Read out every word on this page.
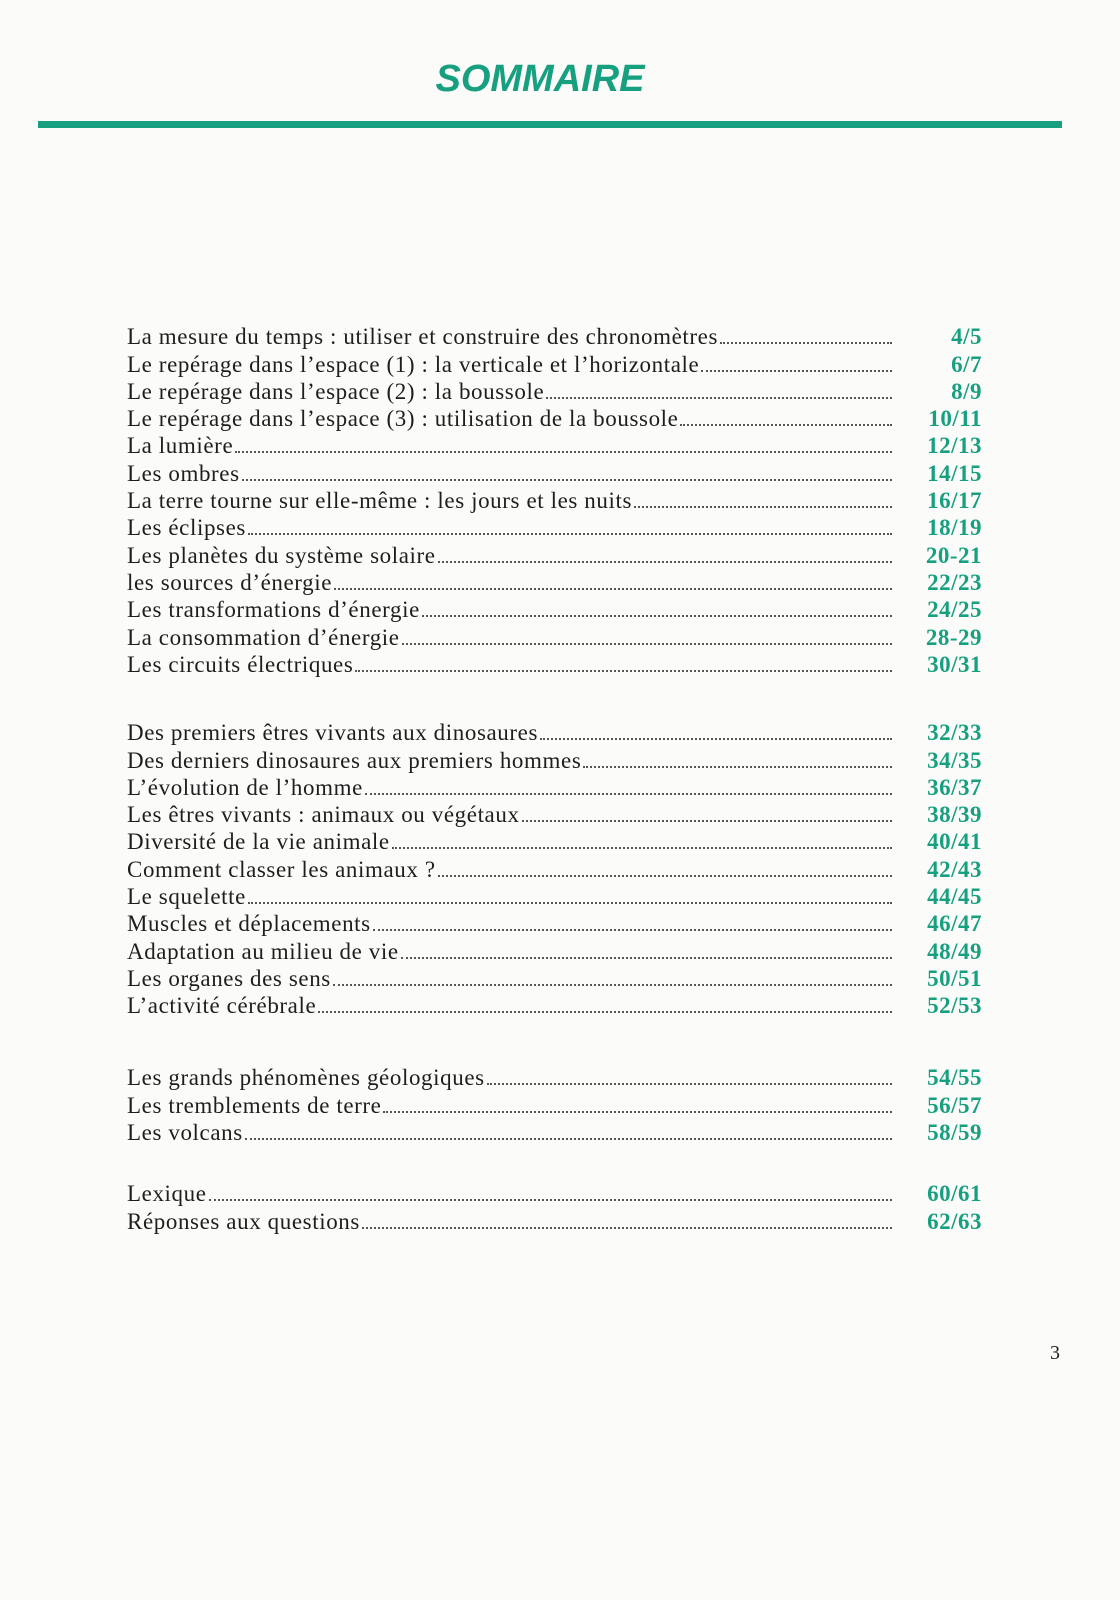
SOMMAIRE
La mesure du temps : utiliser et construire des chronomètres	4/5
Le repérage dans l’espace (1) : la verticale et l’horizontale	6/7
Le repérage dans l’espace (2) : la boussole	8/9
Le repérage dans l’espace (3) : utilisation de la boussole	10/11
La lumière	12/13
Les ombres	14/15
La terre tourne sur elle-même : les jours et les nuits	16/17
Les éclipses	18/19
Les planètes du système solaire	20-21
les sources d’énergie	22/23
Les transformations d’énergie	24/25
La consommation d’énergie	28-29
Les circuits électriques	30/31
Des premiers êtres vivants aux dinosaures	32/33
Des derniers dinosaures aux premiers hommes	34/35
L’évolution de l’homme	36/37
Les êtres vivants : animaux ou végétaux	38/39
Diversité de la vie animale	40/41
Comment classer les animaux ?	42/43
Le squelette	44/45
Muscles et déplacements	46/47
Adaptation au milieu de vie	48/49
Les organes des sens	50/51
L’activité cérébrale	52/53
Les grands phénomènes géologiques	54/55
Les tremblements de terre	56/57
Les volcans	58/59
Lexique	60/61
Réponses aux questions	62/63
3
